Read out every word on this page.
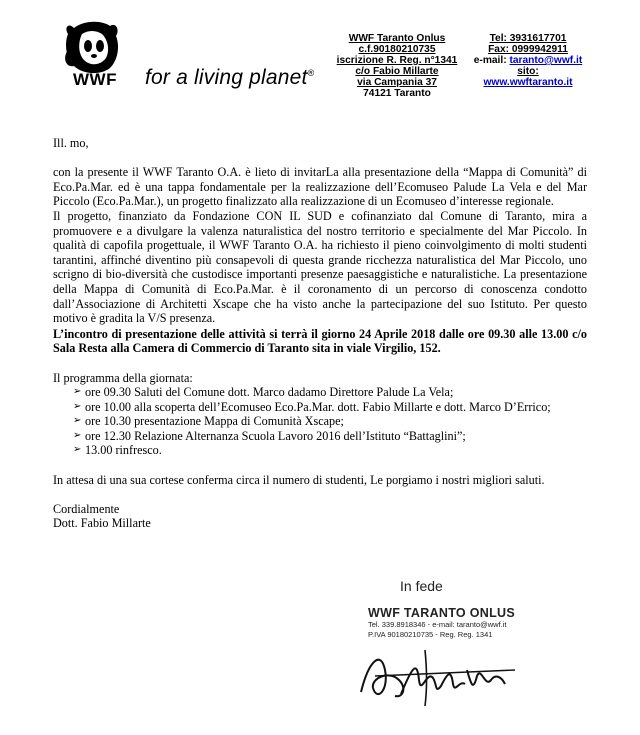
WWF	for a living planet®
WWF Taranto Onlus
c.f.90180210735
iscrizione R. Reg. n°1341
c/o Fabio Millarte
via Campania 37
74121 Taranto
Tel: 3931617701
Fax: 0999942911
e-mail: taranto@wwf.it
sito:
www.wwftaranto.it

Ill. mo,

con la presente il WWF Taranto O.A. è lieto di invitarLa alla presentazione della “Mappa di Comunità” di Eco.Pa.Mar. ed è una tappa fondamentale per la realizzazione dell’Ecomuseo Palude La Vela e del Mar Piccolo (Eco.Pa.Mar.), un progetto finalizzato alla realizzazione di un Ecomuseo d’interesse regionale.

Il progetto, finanziato da Fondazione CON IL SUD e cofinanziato dal Comune di Taranto, mira a promuovere e a divulgare la valenza naturalistica del nostro territorio e specialmente del Mar Piccolo. In qualità di capofila progettuale, il WWF Taranto O.A. ha richiesto il pieno coinvolgimento di molti studenti tarantini, affinché diventino più consapevoli di questa grande ricchezza naturalistica del Mar Piccolo, uno scrigno di bio-diversità che custodisce importanti presenze paesaggistiche e naturalistiche. La presentazione della Mappa di Comunità di Eco.Pa.Mar. è il coronamento di un percorso di conoscenza condotto dall’Associazione di Architetti Xscape che ha visto anche la partecipazione del suo Istituto. Per questo motivo è gradita la V/S presenza.

L’incontro di presentazione delle attività si terrà il giorno 24 Aprile 2018 dalle ore 09.30 alle 13.00 c/o Sala Resta alla Camera di Commercio di Taranto sita in viale Virgilio, 152.

Il programma della giornata:

➢ ore 09.30 Saluti del Comune dott. Marco dadamo Direttore Palude La Vela;
➢ ore 10.00 alla scoperta dell’Ecomuseo Eco.Pa.Mar. dott. Fabio Millarte e dott. Marco D’Errico;
➢ ore 10.30 presentazione Mappa di Comunità Xscape;
➢ ore 12.30 Relazione Alternanza Scuola Lavoro 2016 dell’Istituto “Battaglini”;
➢ 13.00 rinfresco.

In attesa di una sua cortese conferma circa il numero di studenti, Le porgiamo i nostri migliori saluti.

Cordialmente

Dott. Fabio Millarte

In fede
WWF TARANTO ONLUS
Tel. 339.8918346 - e-mail: taranto@wwf.it
P.IVA 90180210735 - Reg. Reg. 1341
